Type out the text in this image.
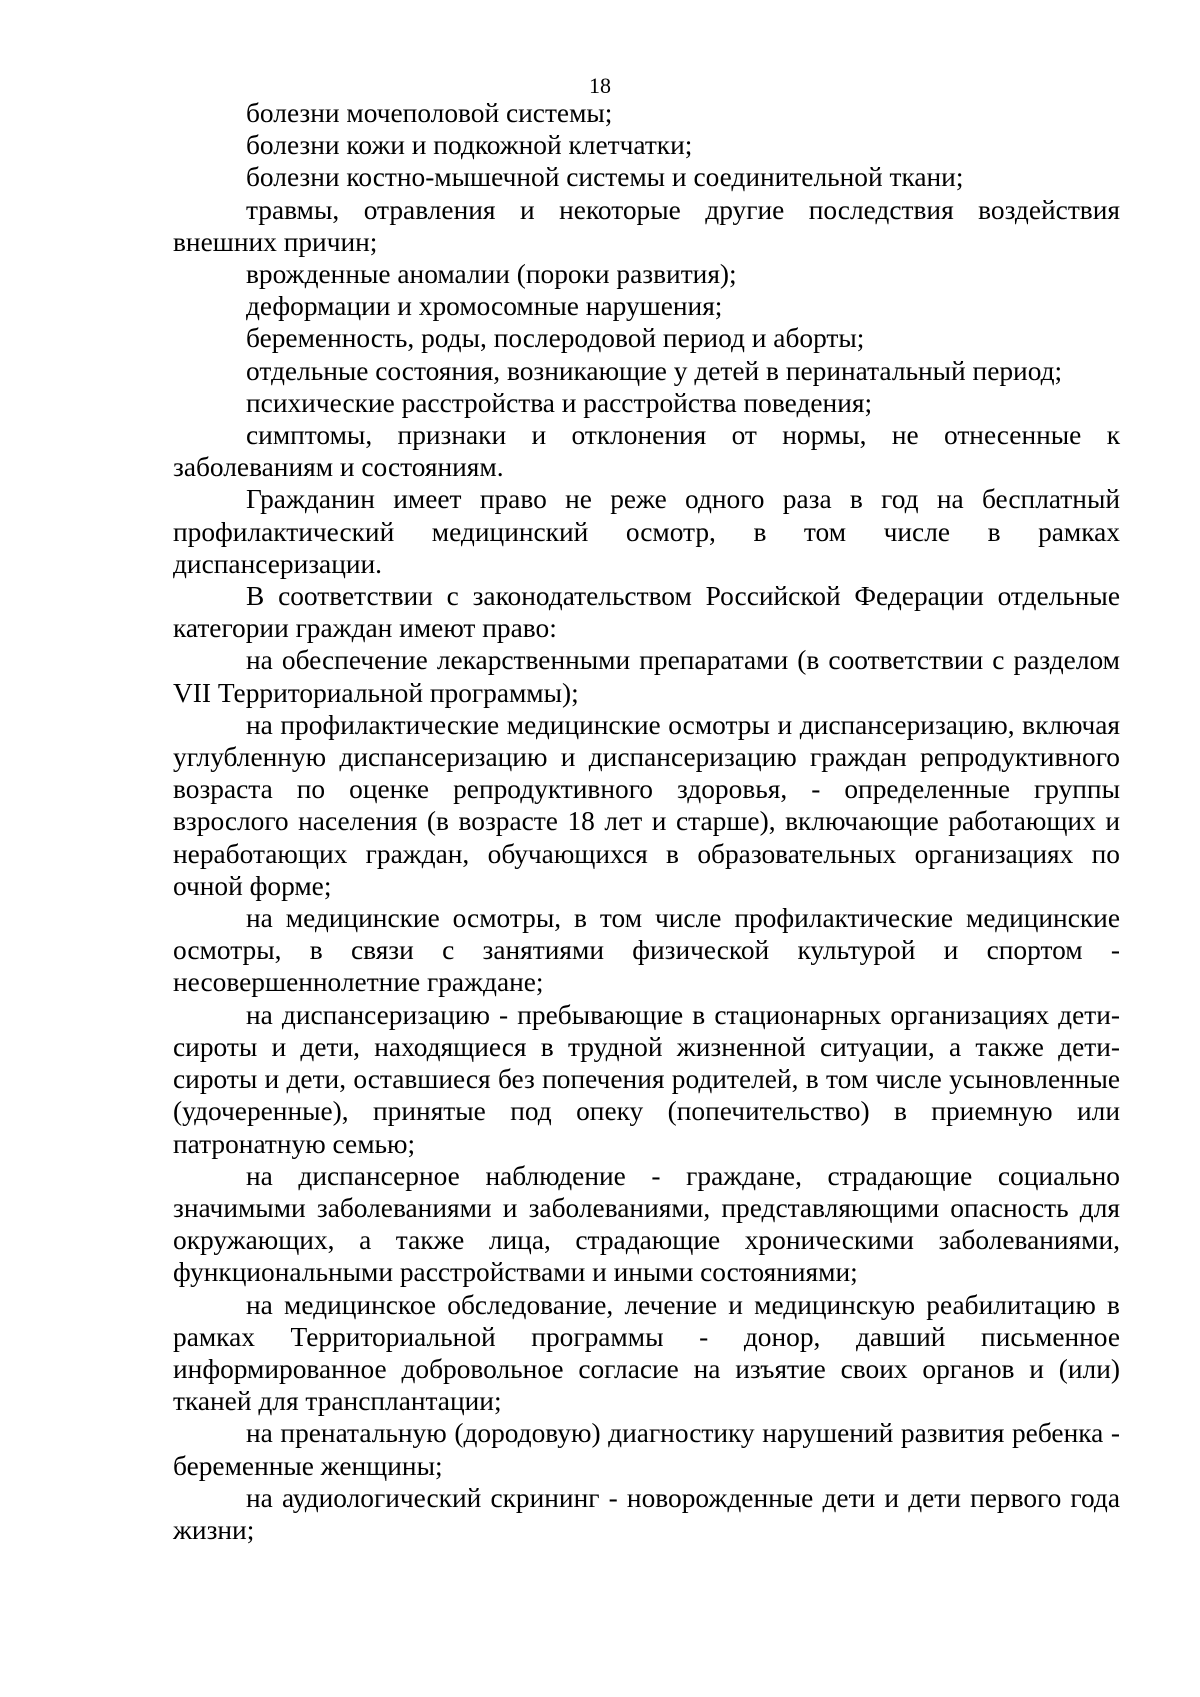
18

болезни мочеполовой системы;

болезни кожи и подкожной клетчатки;

болезни костно-мышечной системы и соединительной ткани;

травмы, отравления и некоторые другие последствия воздействия внешних причин;

врожденные аномалии (пороки развития);

деформации и хромосомные нарушения;

беременность, роды, послеродовой период и аборты;

отдельные состояния, возникающие у детей в перинатальный период;

психические расстройства и расстройства поведения;

симптомы, признаки и отклонения от нормы, не отнесенные к заболеваниям и состояниям.

Гражданин имеет право не реже одного раза в год на бесплатный профилактический медицинский осмотр, в том числе в рамках диспансеризации.

В соответствии с законодательством Российской Федерации отдельные категории граждан имеют право:

на обеспечение лекарственными препаратами (в соответствии с разделом VII Территориальной программы);

на профилактические медицинские осмотры и диспансеризацию, включая углубленную диспансеризацию и диспансеризацию граждан репродуктивного возраста по оценке репродуктивного здоровья, - определенные группы взрослого населения (в возрасте 18 лет и старше), включающие работающих и неработающих граждан, обучающихся в образовательных организациях по очной форме;

на медицинские осмотры, в том числе профилактические медицинские осмотры, в связи с занятиями физической культурой и спортом - несовершеннолетние граждане;

на диспансеризацию - пребывающие в стационарных организациях дети-сироты и дети, находящиеся в трудной жизненной ситуации, а также дети-сироты и дети, оставшиеся без попечения родителей, в том числе усыновленные (удочеренные), принятые под опеку (попечительство) в приемную или патронатную семью;

на диспансерное наблюдение - граждане, страдающие социально значимыми заболеваниями и заболеваниями, представляющими опасность для окружающих, а также лица, страдающие хроническими заболеваниями, функциональными расстройствами и иными состояниями;

на медицинское обследование, лечение и медицинскую реабилитацию в рамках Территориальной программы - донор, давший письменное информированное добровольное согласие на изъятие своих органов и (или) тканей для трансплантации;

на пренатальную (дородовую) диагностику нарушений развития ребенка - беременные женщины;

на аудиологический скрининг - новорожденные дети и дети первого года жизни;
